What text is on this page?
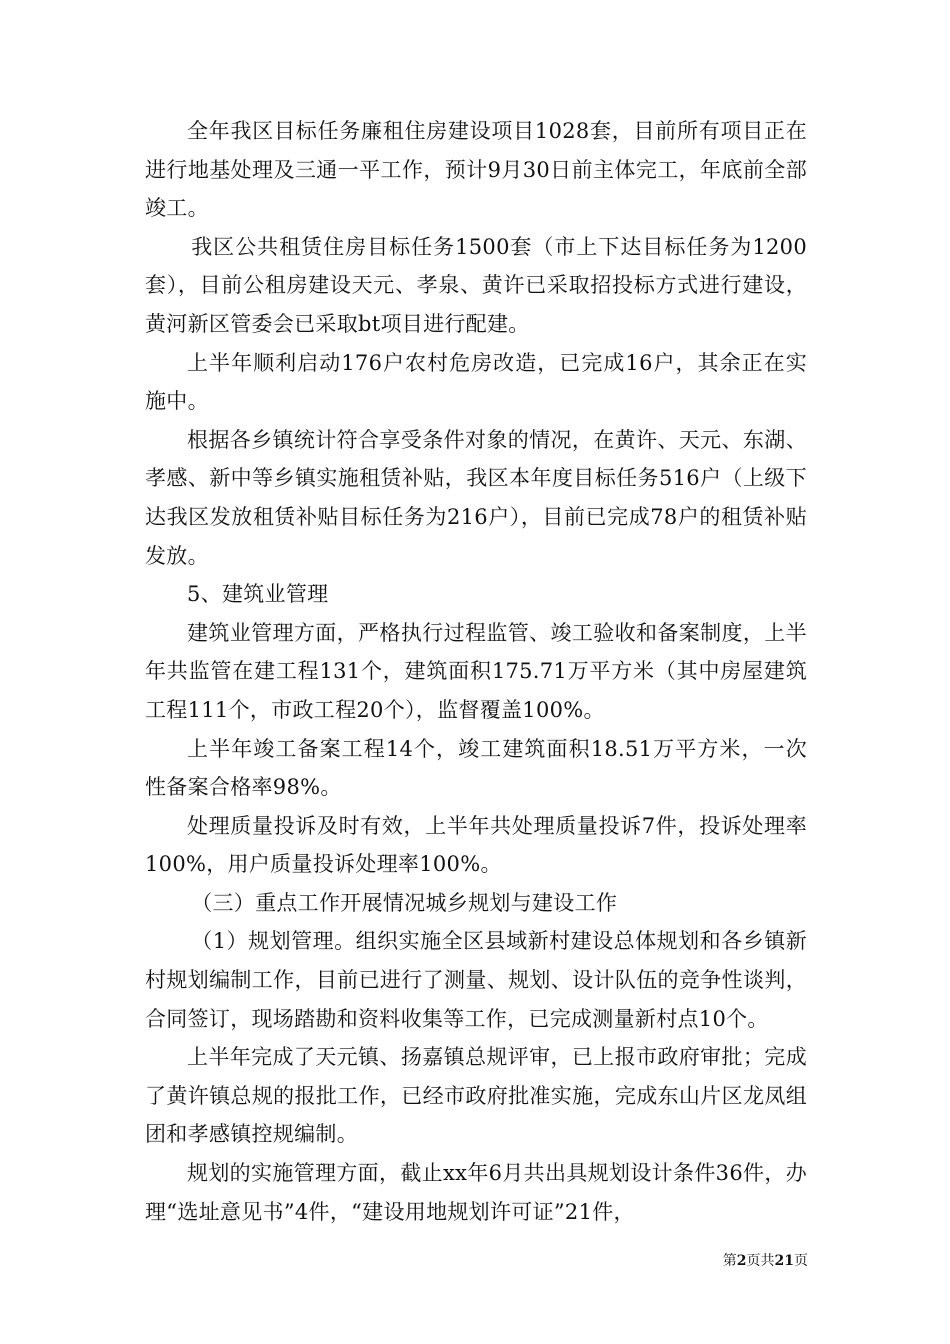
全年我区目标任务廉租住房建设项目1028套，目前所有项目正在进行地基处理及三通一平工作，预计9月30日前主体完工，年底前全部竣工。

我区公共租赁住房目标任务1500套（市上下达目标任务为1200套），目前公租房建设天元、孝泉、黄许已采取招投标方式进行建设，黄河新区管委会已采取bt项目进行配建。

上半年顺利启动176户农村危房改造，已完成16户，其余正在实施中。

根据各乡镇统计符合享受条件对象的情况，在黄许、天元、东湖、孝感、新中等乡镇实施租赁补贴，我区本年度目标任务516户（上级下达我区发放租赁补贴目标任务为216户），目前已完成78户的租赁补贴发放。

5、建筑业管理

建筑业管理方面，严格执行过程监管、竣工验收和备案制度，上半年共监管在建工程131个，建筑面积175.71万平方米（其中房屋建筑工程111个，市政工程20个），监督覆盖100%。

上半年竣工备案工程14个，竣工建筑面积18.51万平方米，一次性备案合格率98%。

处理质量投诉及时有效，上半年共处理质量投诉7件，投诉处理率100%，用户质量投诉处理率100%。

（三）重点工作开展情况城乡规划与建设工作

（1）规划管理。组织实施全区县域新村建设总体规划和各乡镇新村规划编制工作，目前已进行了测量、规划、设计队伍的竞争性谈判，合同签订，现场踏勘和资料收集等工作，已完成测量新村点10个。

上半年完成了天元镇、扬嘉镇总规评审，已上报市政府审批；完成了黄许镇总规的报批工作，已经市政府批准实施，完成东山片区龙凤组团和孝感镇控规编制。

规划的实施管理方面，截止xx年6月共出具规划设计条件36件，办理“选址意见书”4件，“建设用地规划许可证”21件，

第2页共21页
